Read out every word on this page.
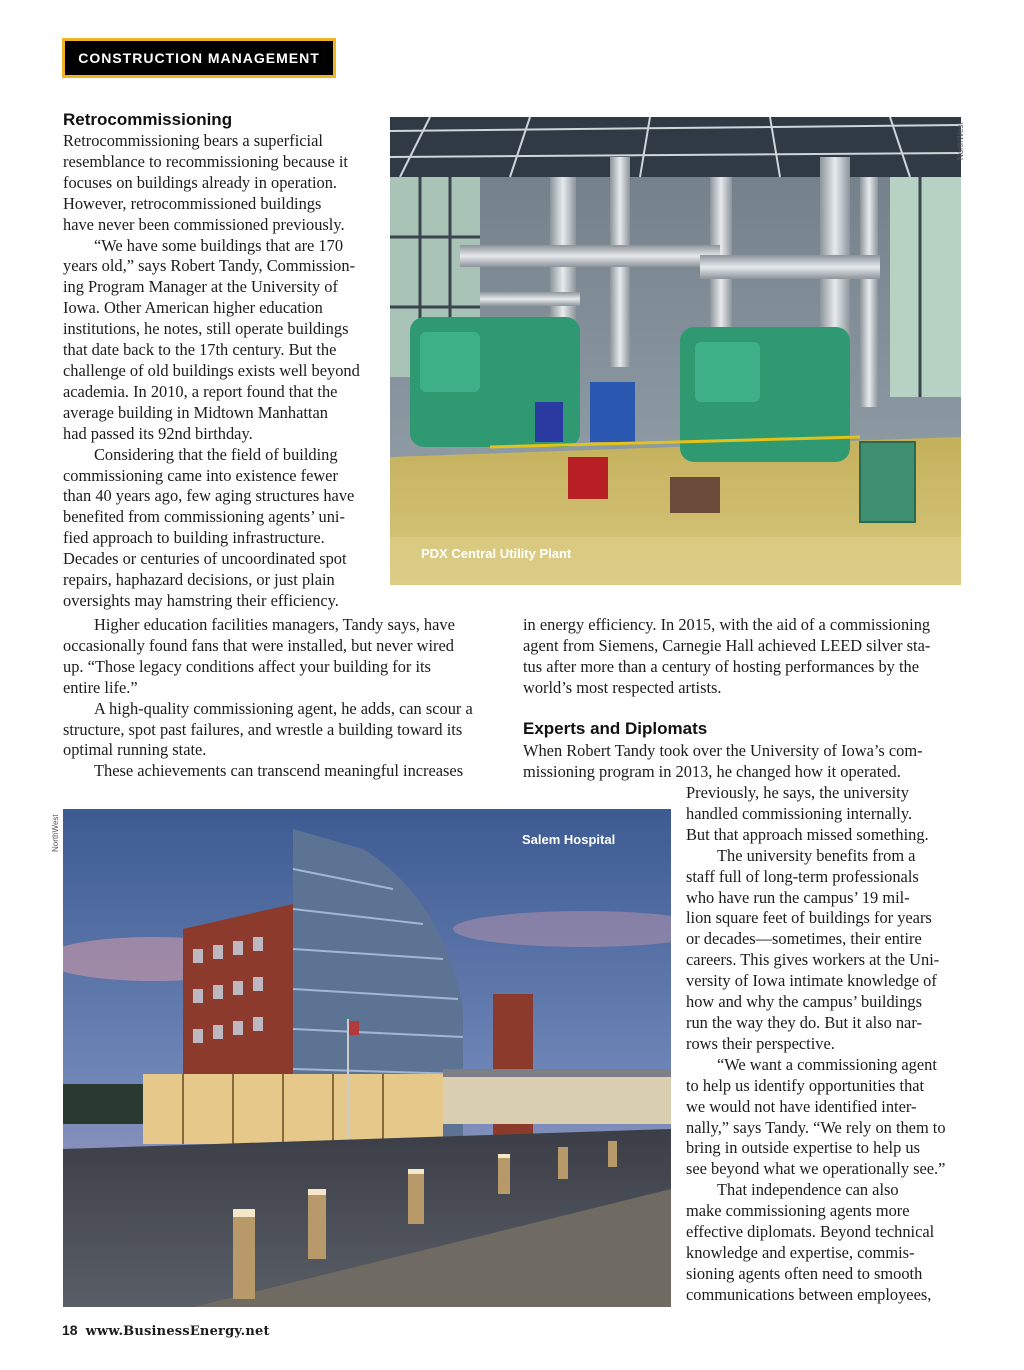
CONSTRUCTION MANAGEMENT
Retrocommissioning

Retrocommissioning bears a superficial

resemblance to recommissioning because it

focuses on buildings already in operation.

However, retrocommissioned buildings

have never been commissioned previously.

“We have some buildings that are 170

years old,” says Robert Tandy, Commission-

ing Program Manager at the University of

Iowa. Other American higher education

institutions, he notes, still operate buildings

that date back to the 17th century. But the

challenge of old buildings exists well beyond

academia. In 2010, a report found that the

average building in Midtown Manhattan

had passed its 92nd birthday.

Considering that the field of building

commissioning came into existence fewer

than 40 years ago, few aging structures have

benefited from commissioning agents’ uni-

fied approach to building infrastructure.

Decades or centuries of uncoordinated spot

repairs, haphazard decisions, or just plain

oversights may hamstring their efficiency.

PDX Central Utility Plant
NorthWest

Higher education facilities managers, Tandy says, have

occasionally found fans that were installed, but never wired

up. “Those legacy conditions affect your building for its

entire life.”

A high-quality commissioning agent, he adds, can scour a

structure, spot past failures, and wrestle a building toward its

optimal running state.

These achievements can transcend meaningful increases

in energy efficiency. In 2015, with the aid of a commissioning

agent from Siemens, Carnegie Hall achieved LEED silver sta-

tus after more than a century of hosting performances by the

world’s most respected artists.

Experts and Diplomats

When Robert Tandy took over the University of Iowa’s com-

missioning program in 2013, he changed how it operated.

Previously, he says, the university

handled commissioning internally.

But that approach missed something.

The university benefits from a

staff full of long-term professionals

who have run the campus’ 19 mil-

lion square feet of buildings for years

or decades—sometimes, their entire

careers. This gives workers at the Uni-

versity of Iowa intimate knowledge of

how and why the campus’ buildings

run the way they do. But it also nar-

rows their perspective.

“We want a commissioning agent

to help us identify opportunities that

we would not have identified inter-

nally,” says Tandy. “We rely on them to

bring in outside expertise to help us

see beyond what we operationally see.”

That independence can also

make commissioning agents more

effective diplomats. Beyond technical

knowledge and expertise, commis-

sioning agents often need to smooth

communications between employees,

Salem Hospital
NorthWest
18 www.BusinessEnergy.net
